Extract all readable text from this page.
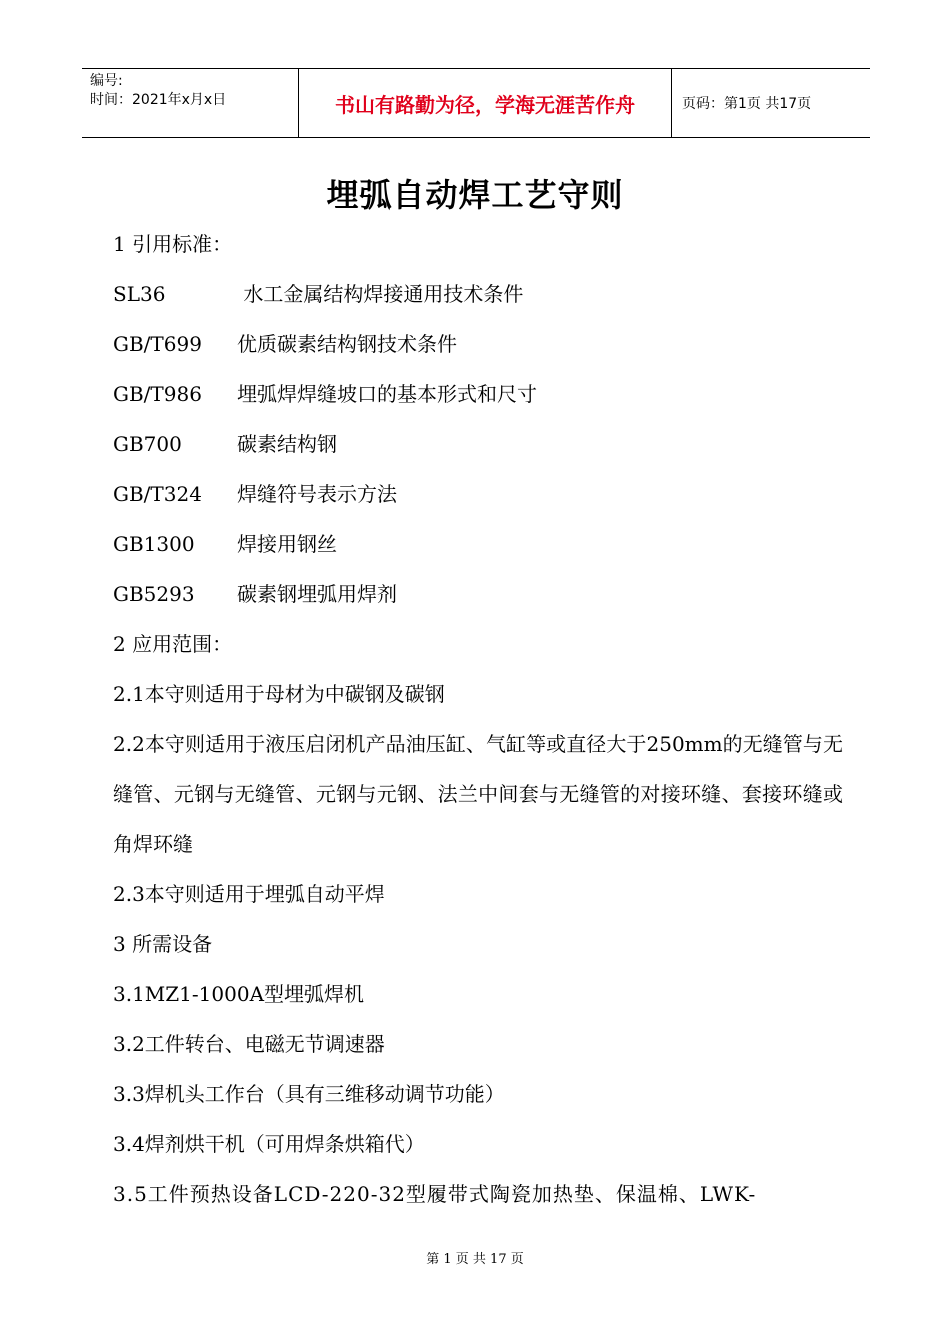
编号:
时间：2021年x月x日	书山有路勤为径，学海无涯苦作舟	页码：第1页 共17页
埋弧自动焊工艺守则
1 引用标准：
SL36	水工金属结构焊接通用技术条件
GB/T699 优质碳素结构钢技术条件
GB/T986 埋弧焊焊缝坡口的基本形式和尺寸
GB700	碳素结构钢
GB/T324 焊缝符号表示方法
GB1300 焊接用钢丝
GB5293 碳素钢埋弧用焊剂
2 应用范围：
2.1本守则适用于母材为中碳钢及碳钢
2.2本守则适用于液压启闭机产品油压缸、气缸等或直径大于250mm的无缝管与无缝管、元钢与无缝管、元钢与元钢、法兰中间套与无缝管的对接环缝、套接环缝或角焊环缝
2.3本守则适用于埋弧自动平焊
3 所需设备
3.1MZ1-1000A型埋弧焊机
3.2工件转台、电磁无节调速器
3.3焊机头工作台（具有三维移动调节功能）
3.4焊剂烘干机（可用焊条烘箱代）
3.5工件预热设备LCD-220-32型履带式陶瓷加热垫、保温棉、LWK-
第 1 页 共 17 页
